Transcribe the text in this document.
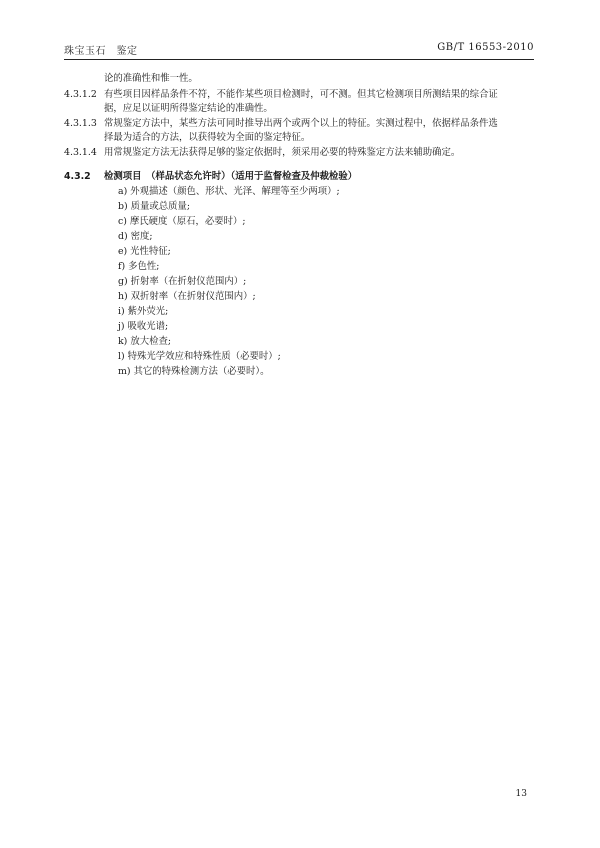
珠宝玉石　鉴定	GB/T 16553-2010
论的准确性和惟一性。
4.3.1.2 有些项目因样品条件不符，不能作某些项目检测时，可不测。但其它检测项目所测结果的综合证
据，应足以证明所得鉴定结论的准确性。
4.3.1.3 常规鉴定方法中，某些方法可同时推导出两个或两个以上的特征。实测过程中，依据样品条件选
择最为适合的方法，以获得较为全面的鉴定特征。
4.3.1.4 用常规鉴定方法无法获得足够的鉴定依据时，须采用必要的特殊鉴定方法来辅助确定。
4.3.2 检测项目　（样品状态允许时）（适用于监督检查及仲裁检验）
a) 外观描述（颜色、形状、光泽、解理等至少两项）;
b) 质量或总质量;
c) 摩氏硬度（原石，必要时）;
d) 密度;
e) 光性特征;
f) 多色性;
g) 折射率（在折射仪范围内）;
h) 双折射率（在折射仪范围内）;
i) 紫外荧光;
j) 吸收光谱;
k) 放大检查;
l) 特殊光学效应和特殊性质（必要时）;
m) 其它的特殊检测方法（必要时）。
13
